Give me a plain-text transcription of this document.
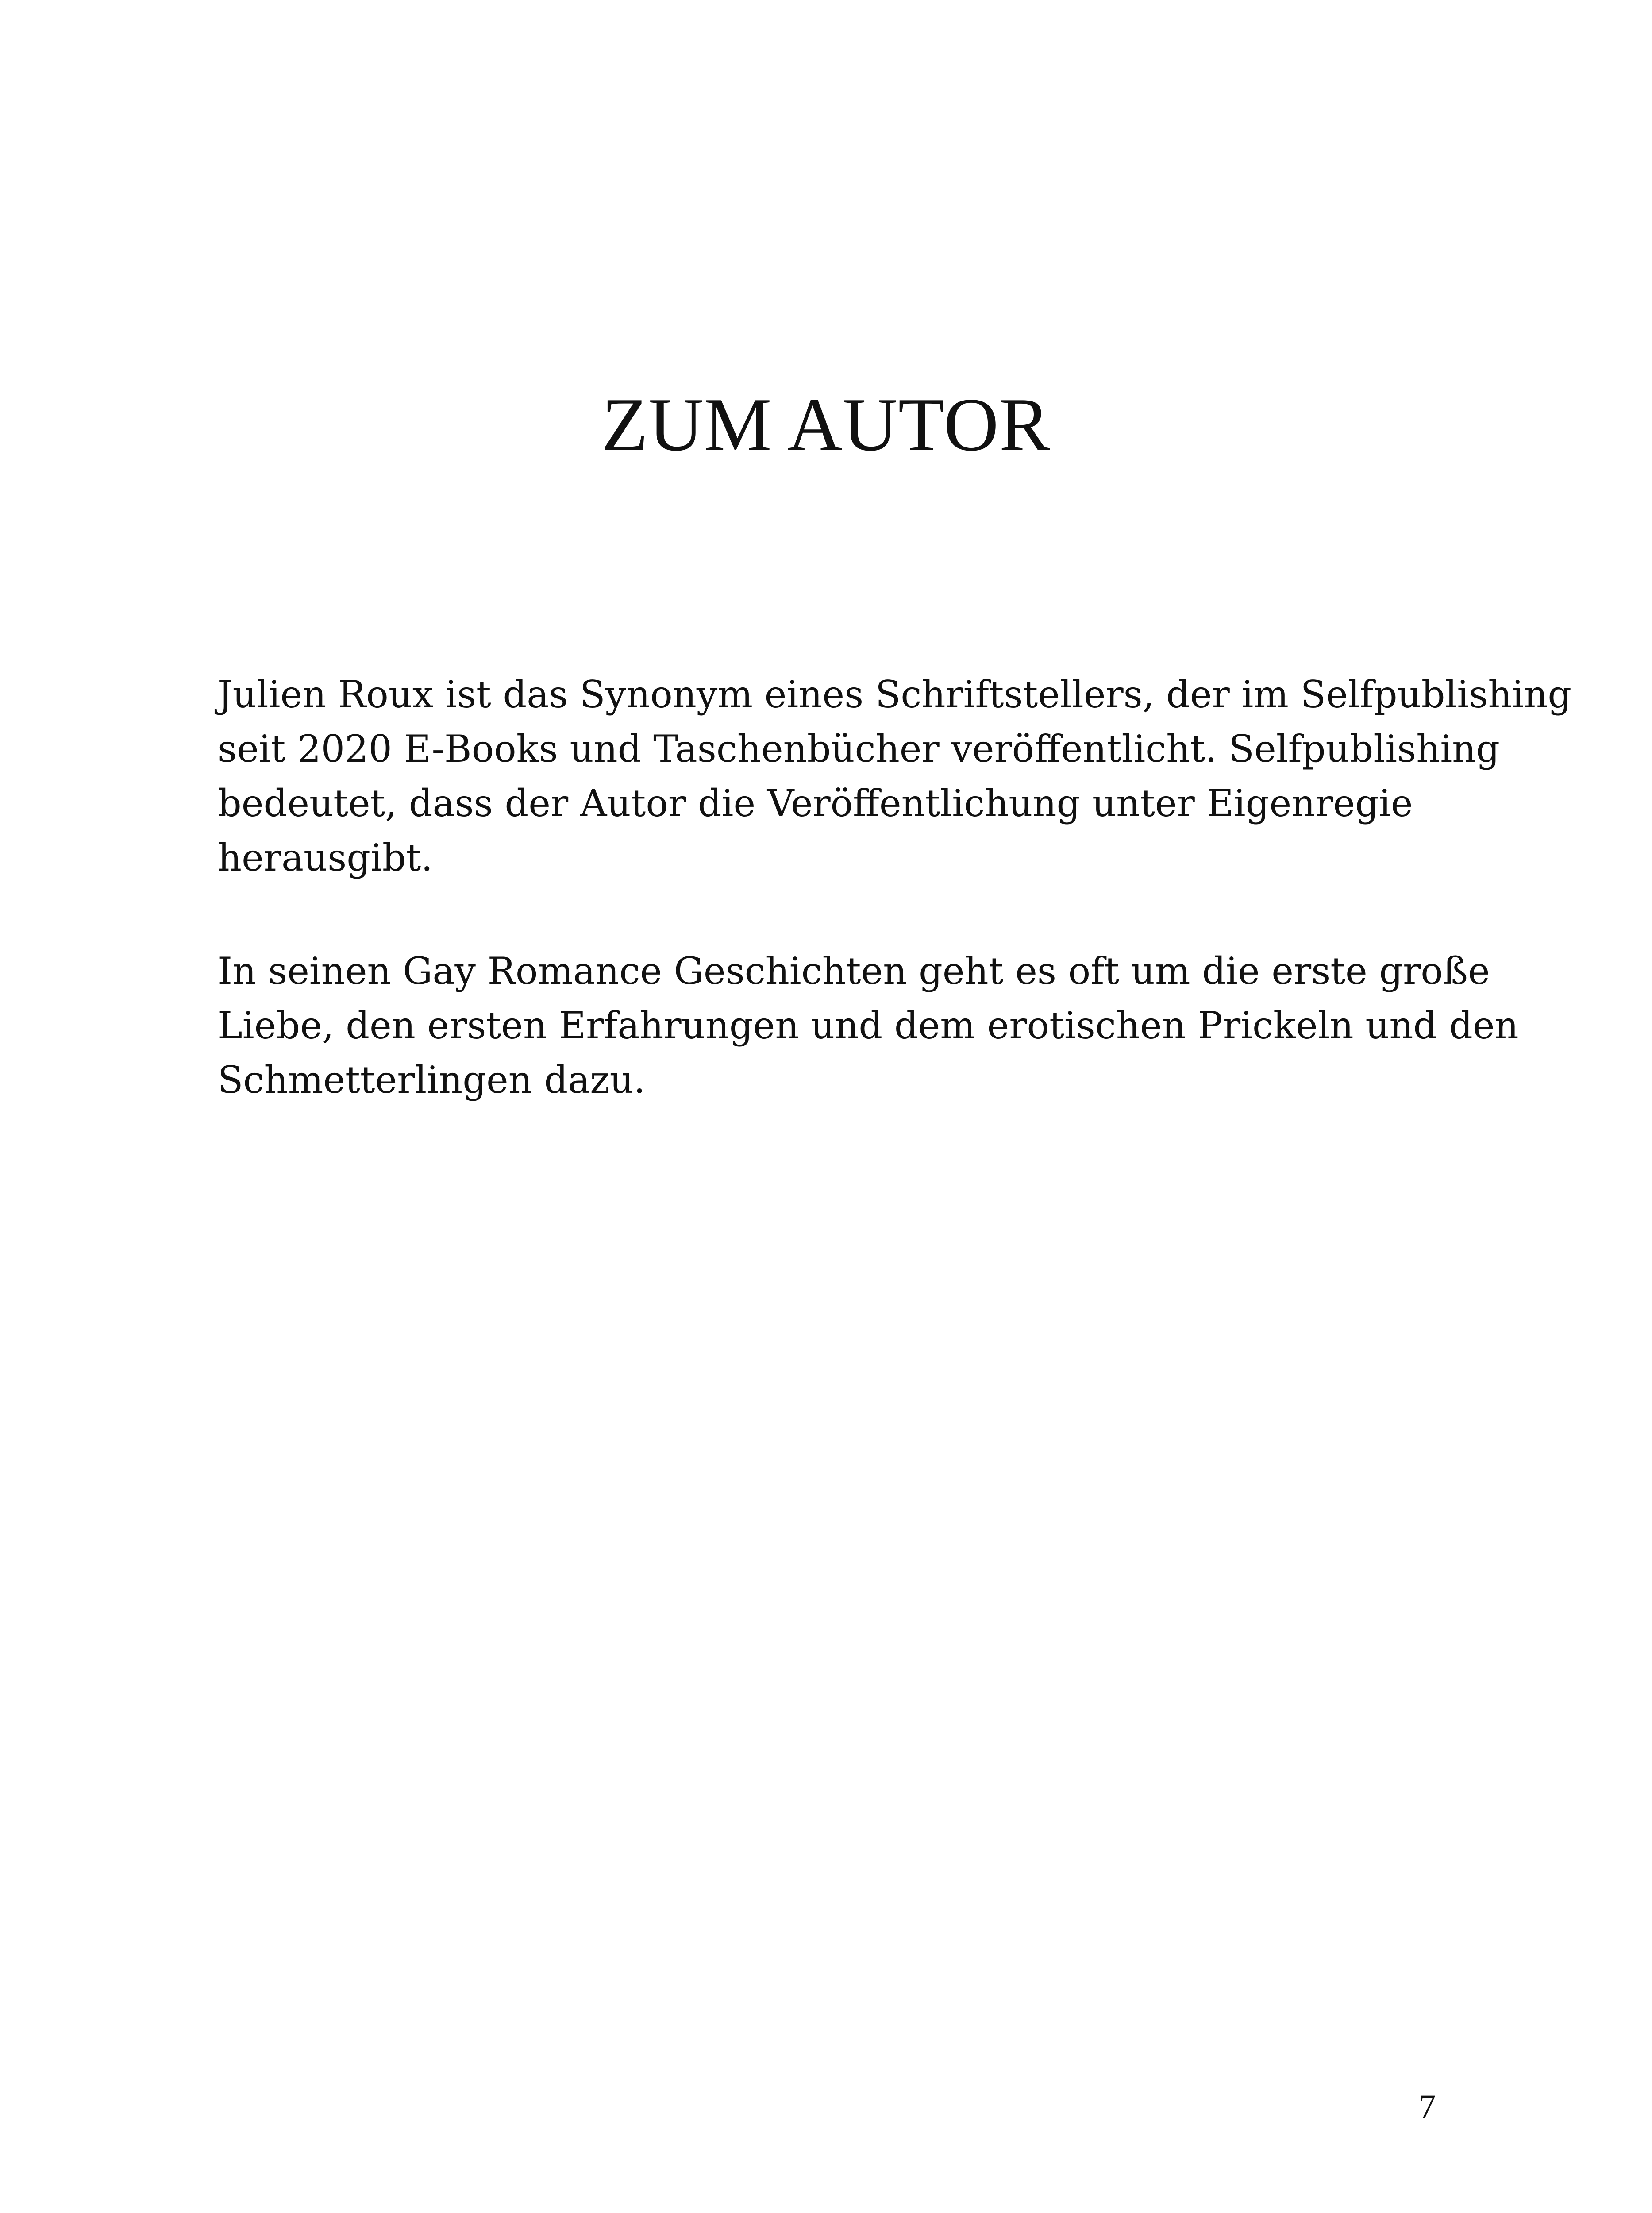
ZUM AUTOR

Julien Roux ist das Synonym eines Schriftstellers, der im Selfpublishing
seit 2020 E-Books und Taschenbücher veröffentlicht. Selfpublishing
bedeutet, dass der Autor die Veröffentlichung unter Eigenregie
herausgibt.

In seinen Gay Romance Geschichten geht es oft um die erste große
Liebe, den ersten Erfahrungen und dem erotischen Prickeln und den
Schmetterlingen dazu.

7
